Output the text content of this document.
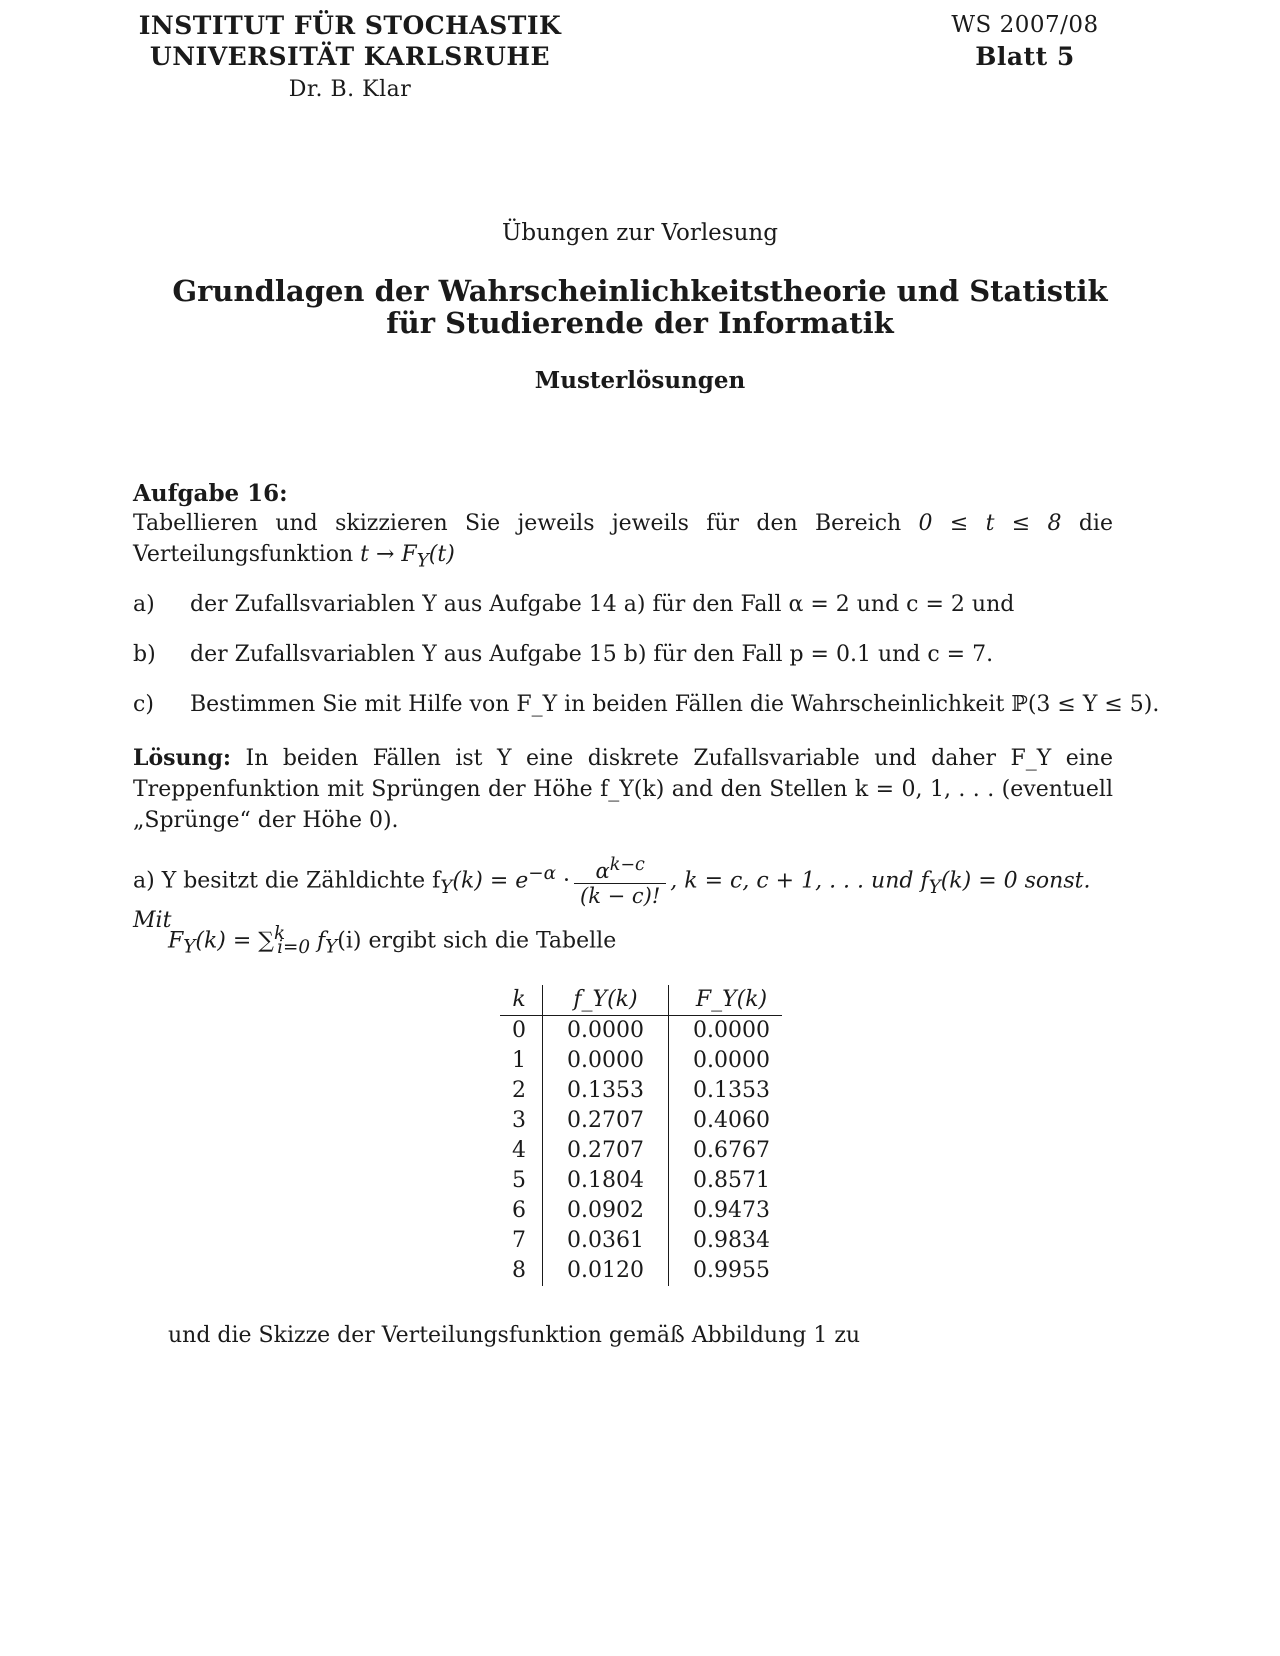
INSTITUT FÜR STOCHASTIK
UNIVERSITÄT KARLSRUHE
Dr. B. Klar
WS 2007/08
Blatt 5
Übungen zur Vorlesung
Grundlagen der Wahrscheinlichkeitstheorie und Statistik
für Studierende der Informatik
Musterlösungen
Aufgabe 16:
Tabellieren und skizzieren Sie jeweils jeweils für den Bereich 0 ≤ t ≤ 8 die Verteilungsfunktion $t \to F_Y(t)$
a) der Zufallsvariablen Y aus Aufgabe 14 a) für den Fall α = 2 und c = 2 und
b) der Zufallsvariablen Y aus Aufgabe 15 b) für den Fall p = 0.1 und c = 7.
c) Bestimmen Sie mit Hilfe von F_Y in beiden Fällen die Wahrscheinlichkeit ℙ(3 ≤ Y ≤ 5).
Lösung: In beiden Fällen ist Y eine diskrete Zufallsvariable und daher F_Y eine Treppenfunktion mit Sprüngen der Höhe f_Y(k) and den Stellen k = 0, 1, . . . (eventuell „Sprünge“ der Höhe 0).
a) Y besitzt die Zähldichte $f_Y(k) = e^{-\alpha} \cdot \frac{\alpha^{k-c}}{(k - c)!}$ , k = c, c + 1, . . . und $f_Y(k) = 0$ sonst. Mit
$F_Y(k) = \sum^k_{i=0}$ $f_Y(i)$ ergibt sich die Tabelle
k	f_Y(k)	F_Y(k)
0	0.0000	0.0000
1	0.0000	0.0000
2	0.1353	0.1353
3	0.2707	0.4060
4	0.2707	0.6767
5	0.1804	0.8571
6	0.0902	0.9473
7	0.0361	0.9834
8	0.0120	0.9955
und die Skizze der Verteilungsfunktion gemäß Abbildung 1 zu
